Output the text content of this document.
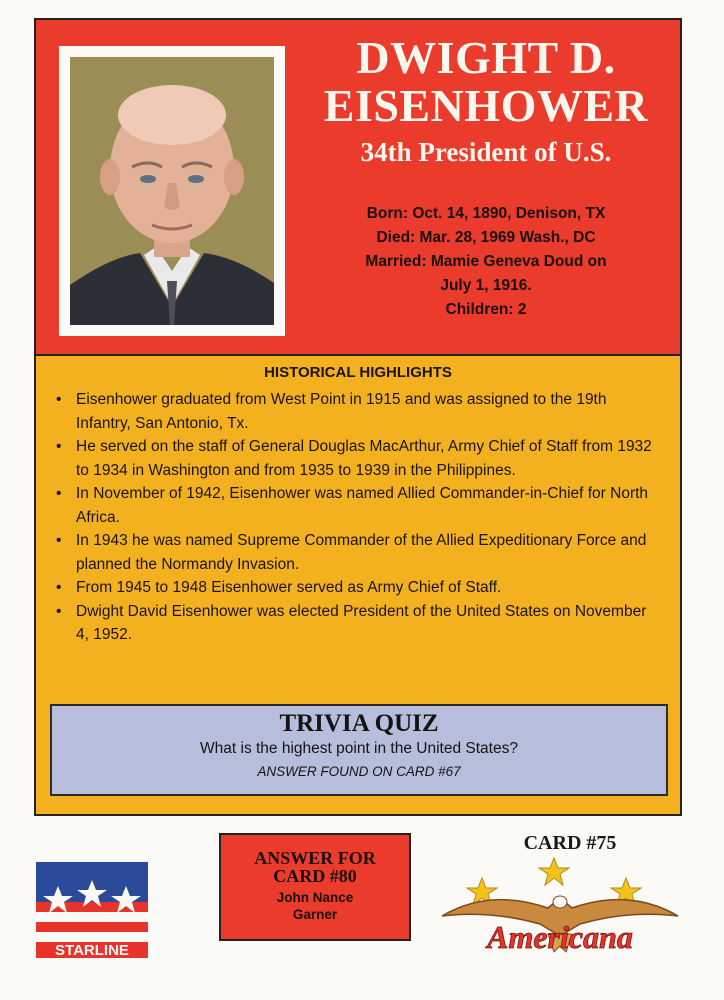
DWIGHT D.
EISENHOWER
34th President of U.S.
Born: Oct. 14, 1890, Denison, TX
Died: Mar. 28, 1969 Wash., DC
Married: Mamie Geneva Doud on
July 1, 1916.
Children: 2
HISTORICAL HIGHLIGHTS
• Eisenhower graduated from West Point in 1915 and was assigned to the 19th Infantry, San Antonio, Tx.
• He served on the staff of General Douglas MacArthur, Army Chief of Staff from 1932 to 1934 in Washington and from 1935 to 1939 in the Philippines.
• In November of 1942, Eisenhower was named Allied Commander-in-Chief for North Africa.
• In 1943 he was named Supreme Commander of the Allied Expeditionary Force and planned the Normandy Invasion.
• From 1945 to 1948 Eisenhower served as Army Chief of Staff.
• Dwight David Eisenhower was elected President of the United States on November 4, 1952.
TRIVIA QUIZ
What is the highest point in the United States?
ANSWER FOUND ON CARD #67
STARLINE
ANSWER FOR
CARD #80
John Nance
Garner
CARD #75
Americana
